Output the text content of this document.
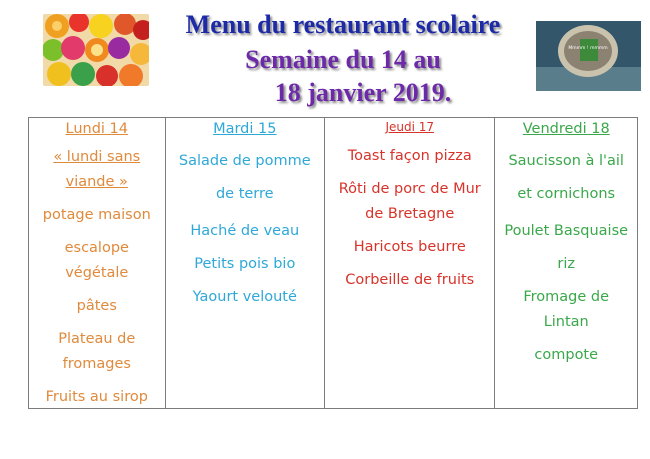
Menu du restaurant scolaire
Semaine du 14 au
18 janvier 2019.
Mmmm ! mmmm
Lundi 14
« lundi sans viande »
potage maison
escalope végétale
pâtes
Plateau de fromages
Fruits au sirop
Mardi 15
Salade de pomme de terre
Haché de veau
Petits pois bio
Yaourt velouté
Jeudi 17
Toast façon pizza
Rôti de porc de Mur de Bretagne
Haricots beurre
Corbeille de fruits
Vendredi 18
Saucisson à l'ail et cornichons
Poulet Basquaise
riz
Fromage de Lintan
compote
